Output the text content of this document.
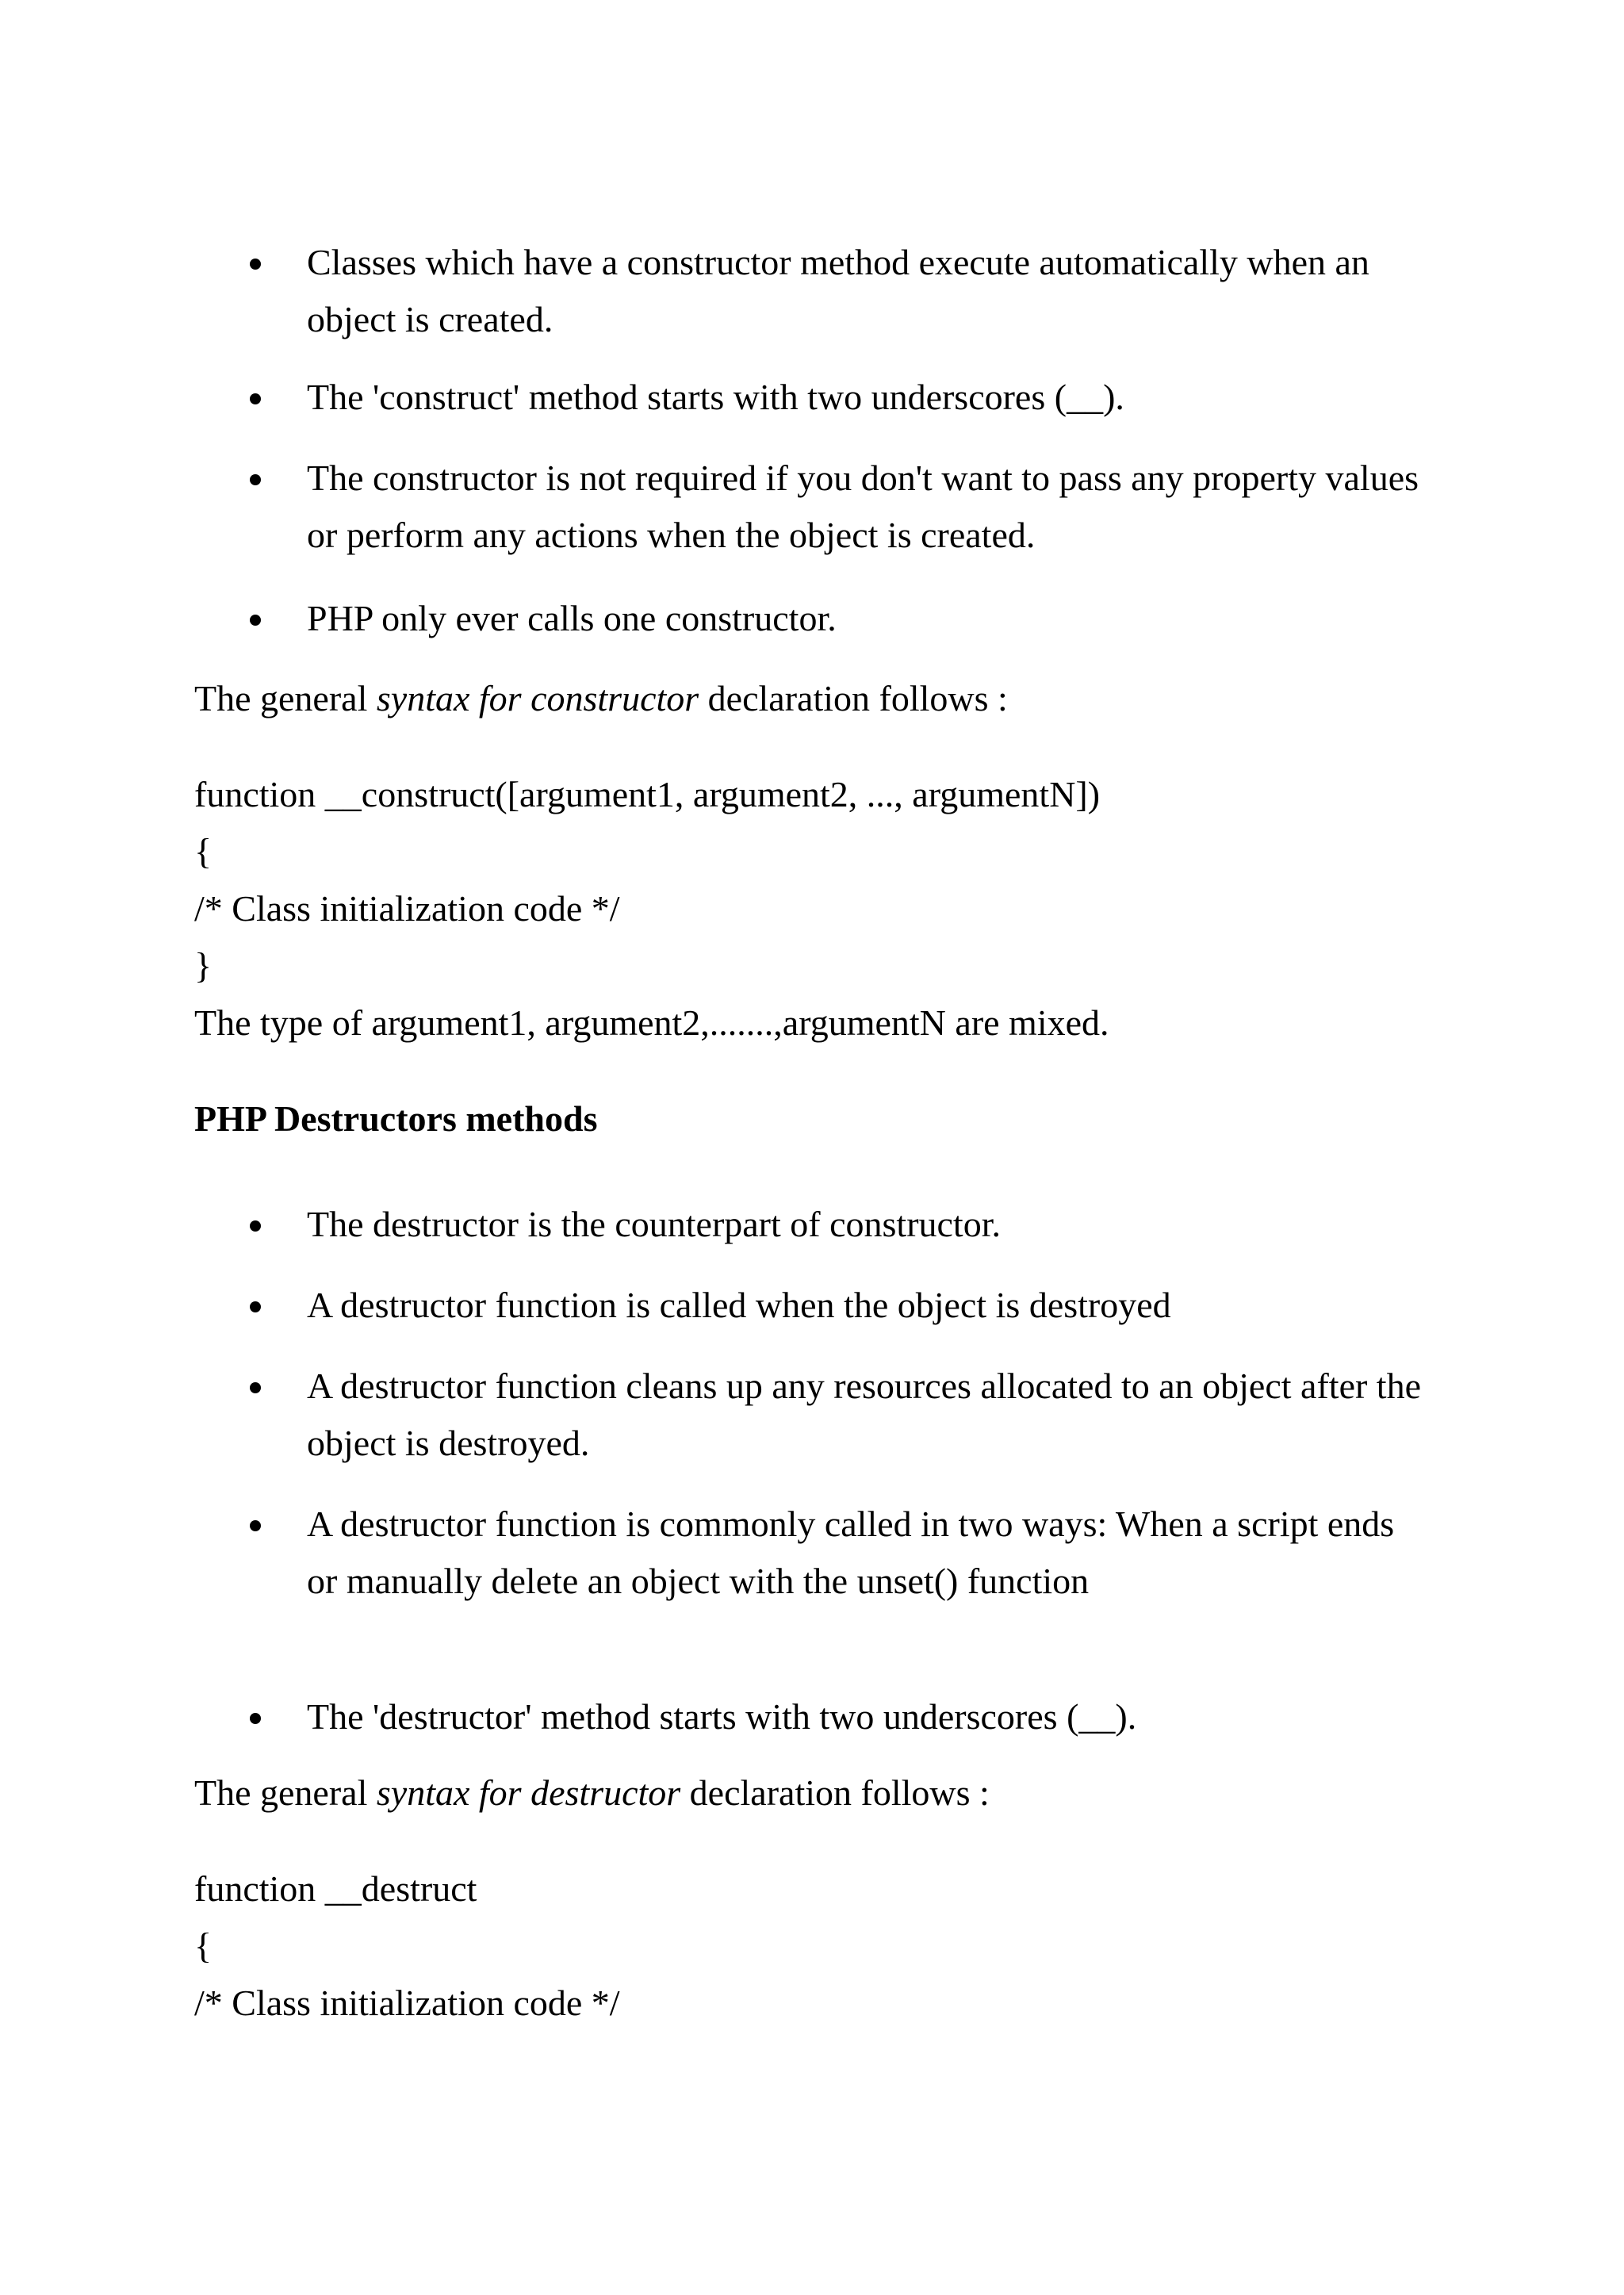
Classes which have a constructor method execute automatically when an object is created.
The 'construct' method starts with two underscores (__).
The constructor is not required if you don't want to pass any property values or perform any actions when the object is created.
PHP only ever calls one constructor.
The general syntax for constructor declaration follows :
function __construct([argument1, argument2, ..., argumentN])
{
/* Class initialization code */
}
The type of argument1, argument2,.......,argumentN are mixed.
PHP Destructors methods
The destructor is the counterpart of constructor.
A destructor function is called when the object is destroyed
A destructor function cleans up any resources allocated to an object after the object is destroyed.
A destructor function is commonly called in two ways: When a script ends or manually delete an object with the unset() function
The 'destructor' method starts with two underscores (__).
The general syntax for destructor declaration follows :
function __destruct
{
/* Class initialization code */
